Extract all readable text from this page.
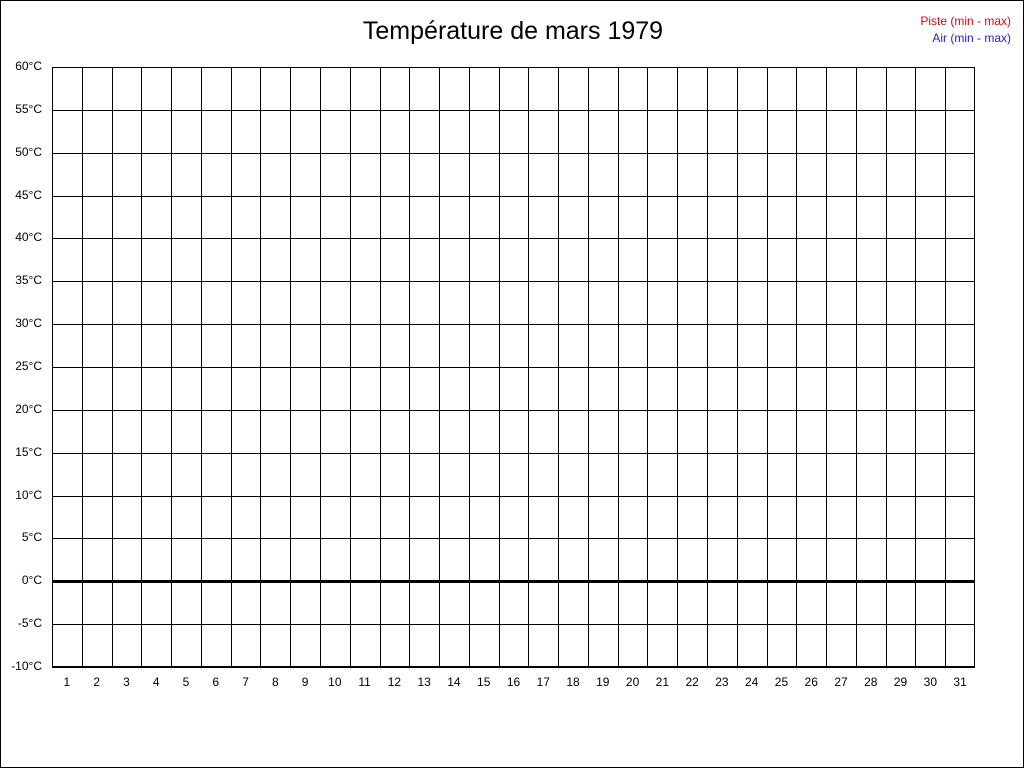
Température de mars 1979	Piste (min - max)
Air (min - max)
60°C
55°C
50°C
45°C
40°C
35°C
30°C
25°C
20°C
15°C
10°C
5°C
0°C
-5°C
-10°C
1	2	3	4	5	6	7	8	9	10	11	12	13	14	15	16	17	18	19	20	21	22	23	24	25	26	27	28	29	30	31
